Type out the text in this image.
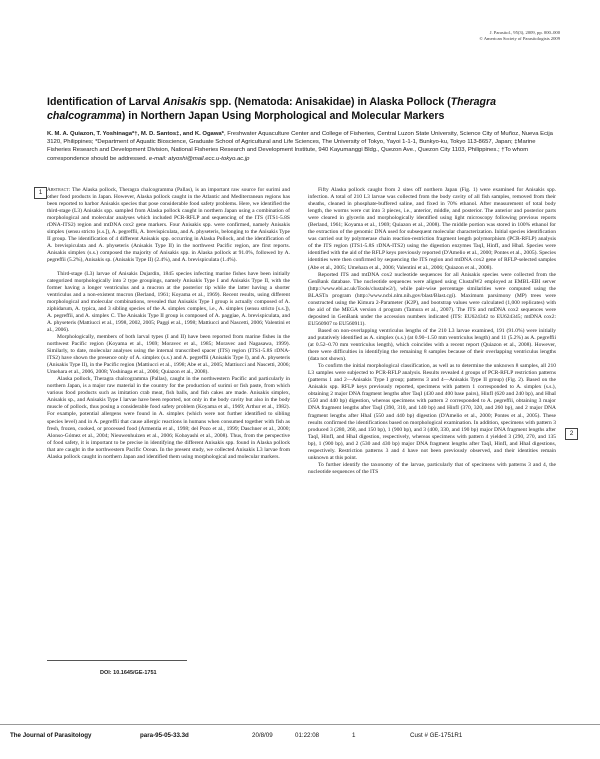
J. Parasitol., 95(3), 2009, pp. 000–000
© American Society of Parasitologists 2009
Identification of Larval Anisakis spp. (Nematoda: Anisakidae) in Alaska Pollock (Theragra chalcogramma) in Northern Japan Using Morphological and Molecular Markers
K. M. A. Quiazon, T. Yoshinaga*†, M. D. Santos‡, and K. Ogawa*, Freshwater Aquaculture Center and College of Fisheries, Central Luzon State University, Science City of Muñoz, Nueva Ecija 3120, Philippines; *Department of Aquatic Bioscience, Graduate School of Agricultural and Life Sciences, The University of Tokyo, Yayoi 1-1-1, Bunkyo-ku, Tokyo 113-8657, Japan; ‡Marine Fisheries Research and Development Division, National Fisheries Research and Development Institute, 940 Kayumanggi Bldg., Quezon Ave., Quezon City 1103, Philippines.; †To whom correspondence should be addressed. e-mail: atyoshi@mail.ecc.u-tokyo.ac.jp
1
2

Abstract: The Alaska pollock, Theragra chalcogramma (Pallas), is an important raw source for surimi and other food products in Japan. However, Alaska pollock caught in the Atlantic and Mediterranean regions has been reported to harbor Anisakis species that pose considerable food safety problems. Here, we identified the third-stage (L3) Anisakis spp. sampled from Alaska pollock caught in northern Japan using a combination of morphological and molecular analyses which included PCR-RFLP and sequencing of the ITS (ITS1-5.8S rDNA-ITS2) region and mtDNA cox2 gene markers. Four Anisakis spp. were confirmed, namely Anisakis simplex (sensu stricto [s.s.]), A. pegreffii, A. brevispiculata, and A. physeteris, belonging to the Anisakis Type II group. The identification of 4 different Anisakis spp. occurring in Alaska Pollock, and the identification of A. brevispiculata and A. physeteris (Anisakis Type II) in the northwest Pacific region, are first reports. Anisakis simplex (s.s.) composed the majority of Anisakis spp. in Alaska pollock at 91.0%, followed by A. pegreffii (5.2%), Anisakis sp. (Anisakis Type II) (2.4%), and A. brevispiculata (1.4%).

Third-stage (L3) larvae of Anisakis Dujardin, 1845 species infecting marine fishes have been initially categorized morphologically into 2 type groupings, namely Anisakis Type I and Anisakis Type II, with the former having a longer ventriculus and a mucron at the posterior tip while the latter having a shorter ventriculus and a non-existent mucron (Berland, 1961; Koyama et al., 1969). Recent results, using different morphological and molecular combinations, revealed that Anisakis Type I group is actually composed of A. ziphidarum, A. typica, and 3 sibling species of the A. simplex complex, i.e., A. simplex (sensu stricto [s.s.]), A. pegreffii, and A. simplex C. The Anisakis Type II group is composed of A. paggiae, A. brevispiculata, and A. physeteris (Mattiucci et al., 1998, 2002, 2005; Paggi et al., 1998; Mattiucci and Nascetti, 2006; Valentini et al., 2006).

Morphologically, members of both larval types (I and II) have been reported from marine fishes in the northwest Pacific region (Koyama et al., 1969; Moravec et al., 1985; Moravec and Nagasawa, 1999). Similarly, to date, molecular analyses using the internal transcribed spacer (ITS) region (ITS1-5.8S rDNA-ITS2) have shown the presence only of A. simplex (s.s.) and A. pegreffii (Anisakis Type I), and A. physeteris (Anisakis Type II), in the Pacific region (Mattiucci et al., 1998; Abe et al., 2005; Mattiucci and Nascetti, 2006; Umehara et al., 2006, 2008; Yoshinaga et al., 2006; Quiazon et al., 2008).

Alaska pollock, Theragra chalcogramma (Pallas), caught in the northwestern Pacific and particularly in northern Japan, is a major raw material in the country for the production of surimi or fish paste, from which various food products such as imitation crab meat, fish balls, and fish cakes are made. Anisakis simplex, Anisakis sp., and Anisakis Type I larvae have been reported, not only in the body cavity but also in the body muscle of pollock, thus posing a considerable food safety problem (Koyama et al., 1969; Arthur et al., 1982). For example, potential allergens were found in A. simplex (which were not further identified to sibling species level) and in A. pegreffii that cause allergic reactions in humans when consumed together with fish as fresh, frozen, cooked, or processed food (Armentia et al., 1998; del Pozo et al., 1999; Daschner et al., 2000; Alonso-Gómez et al., 2004; Nieuwenhuizen et al., 2006; Kobayashi et al., 2008). Thus, from the perspective of food safety, it is important to be precise in identifying the different Anisakis spp. found in Alaska pollock that are caught in the northwestern Pacific Ocean. In the present study, we collected Anisakis L3 larvae from Alaska pollock caught in northern Japan and identified them using morphological and molecular markers.

Fifty Alaska pollock caught from 2 sites off northern Japan (Fig. 1) were examined for Anisakis spp. infection. A total of 210 L3 larvae was collected from the body cavity of all fish samples, removed from their sheaths, cleaned in phosphate-buffered saline, and fixed in 70% ethanol. After measurement of total body length, the worms were cut into 3 pieces, i.e., anterior, middle, and posterior. The anterior and posterior parts were cleared in glycerin and morphologically identified using light microscopy following previous reports (Berland, 1961; Koyama et al., 1969; Quiazon et al., 2008). The middle portion was stored in 100% ethanol for the extraction of the genomic DNA used for subsequent molecular characterization. Initial species identification was carried out by polymerase chain reaction-restriction fragment length polymorphism (PCR-RFLP) analysis of the ITS region (ITS1-5.8S rDNA-ITS2) using the digestion enzymes TaqI, HinfI, and HhaI. Species were identified with the aid of the RFLP keys previously reported (D'Amelio et al., 2000; Pontes et al., 2005). Species identities were then confirmed by sequencing the ITS region and mtDNA cox2 gene of RFLP-selected samples (Abe et al., 2005; Umehara et al., 2006; Valentini et al., 2006; Quiazon et al., 2008).

Reported ITS and mtDNA cox2 nucleotide sequences for all Anisakis species were collected from the GenBank database. The nucleotide sequences were aligned using ClustalW2 employed at EMBL-EBI server (http://www.ebi.ac.uk/Tools/clustalw2/), while pair-wise percentage similarities were computed using the BLASTn program (http://www.ncbi.nlm.nih.gov/blast/Blast.cgi). Maximum parsimony (MP) trees were constructed using the Kimura 2-Parameter (K2P), and bootstrap values were calculated (1,000 replicates) with the aid of the MEGA version 4 program (Tamura et al., 2007). The ITS and mtDNA cox2 sequences were deposited in GenBank under the accession numbers indicated (ITS: EU624342 to EU624345; mtDNA cox2: EU560907 to EU560911).

Based on non-overlapping ventriculus lengths of the 210 L3 larvae examined, 191 (91.0%) were initially and putatively identified as A. simplex (s.s.) (at 0.90–1.50 mm ventriculus length) and 11 (5.2%) as A. pegreffii (at 0.52–0.70 mm ventriculus length), which coincides with a recent report (Quiazon et al., 2008). However, there were difficulties in identifying the remaining 8 samples because of their overlapping ventriculus lengths (data not shown).

To confirm the initial morphological classification, as well as to determine the unknown 8 samples, all 210 L3 samples were subjected to PCR-RFLP analysis. Results revealed 4 groups of PCR-RFLP restriction patterns (patterns 1 and 2—Anisakis Type I group; patterns 3 and 4—Anisakis Type II group) (Fig. 2). Based on the Anisakis spp. RFLP keys previously reported, specimens with pattern 1 corresponded to A. simplex (s.s.), obtaining 2 major DNA fragment lengths after TaqI (430 and 400 base pairs), HinfI (620 and 240 bp), and HhaI (550 and 440 bp) digestion, whereas specimens with pattern 2 corresponded to A. pegreffii, obtaining 3 major DNA fragment lengths after TaqI (390, 310, and 140 bp) and HinfI (370, 320, and 260 bp), and 2 major DNA fragment lengths after HhaI (550 and 440 bp) digestion (D'Amelio et al., 2000; Pontes et al., 2005). These results confirmed the identifications based on morphological examination. In addition, specimens with pattern 3 produced 3 (280, 260, and 150 bp), 1 (900 bp), and 3 (400, 330, and 190 bp) major DNA fragment lengths after TaqI, HinfI, and HhaI digestion, respectively, whereas specimens with pattern 4 yielded 3 (290, 270, and 135 bp), 1 (900 bp), and 2 (530 and 430 bp) major DNA fragment lengths after TaqI, HinfI, and HhaI digestions, respectively. Restriction patterns 3 and 4 have not been previously observed, and their identities remain unknown at this point.

To further identify the taxonomy of the larvae, particularly that of specimens with patterns 3 and 4, the nucleotide sequences of the ITS

DOI: 10.1645/GE-1751
The Journal of Parasitology	para-95-05-33.3d	20/8/09	01:22:08	1	Cust # GE-1751R1
